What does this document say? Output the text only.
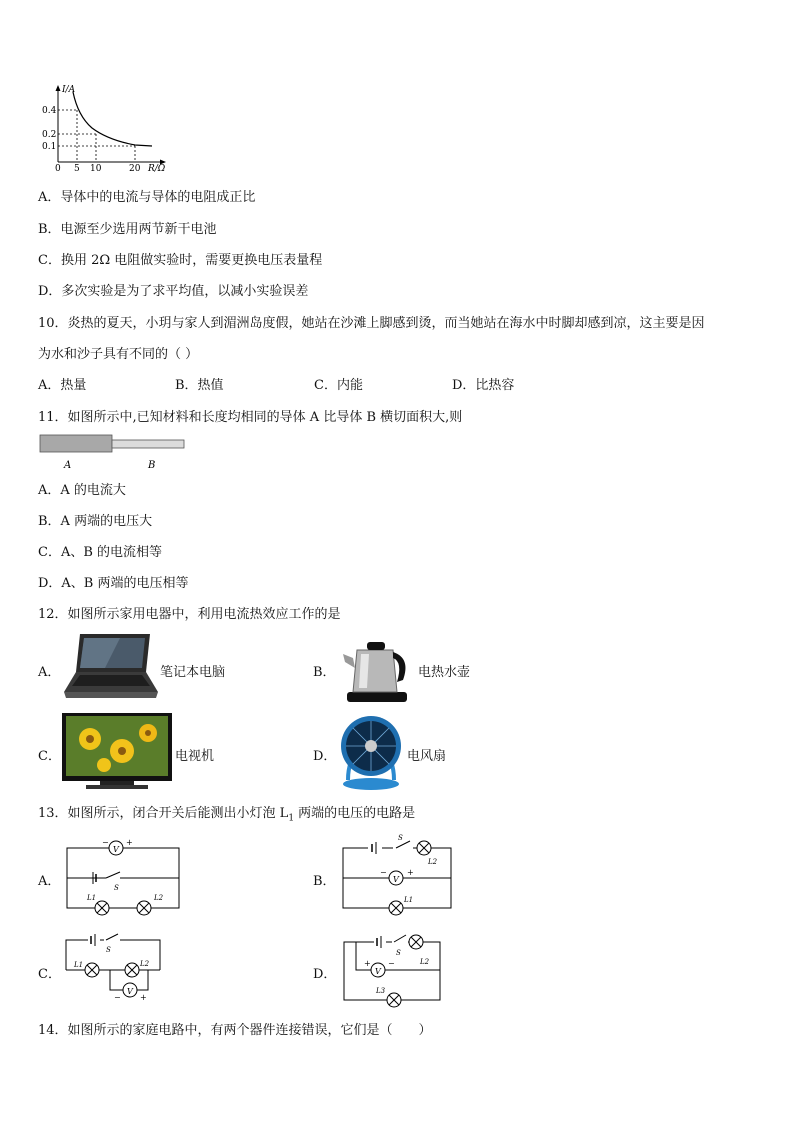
I/A
R/Ω
0.4
0.2
0.1
0 5 10	20
A．导体中的电流与导体的电阻成正比
B．电源至少选用两节新干电池
C．换用 2Ω 电阻做实验时，需要更换电压表量程
D．多次实验是为了求平均值，以减小实验误差
10．炎热的夏天，小玥与家人到湄洲岛度假，她站在沙滩上脚感到烫，而当她站在海水中时脚却感到凉，这主要是因
为水和沙子具有不同的（ ）
A．热量	B．热值	C．内能	D．比热容
11．如图所示中,已知材料和长度均相同的导体 A 比导体 B 横切面积大,则
A	B
A．A 的电流大
B．A 两端的电压大
C．A、B 的电流相等
D．A、B 两端的电压相等
12．如图所示家用电器中，利用电流热效应工作的是
A．	笔记本电脑	B．	电热水壶
C．	电视机	D．	电风扇
13．如图所示，闭合开关后能测出小灯泡 $L_1$ 两端的电压的电路是
A．
V
L1	L2
S
− +
B．	V
S
L2
L1
−	+
C．
V
L1	L2
S
− +
D．	V
S
L2
L3
+ −
14．如图所示的家庭电路中，有两个器件连接错误，它们是（　　）
